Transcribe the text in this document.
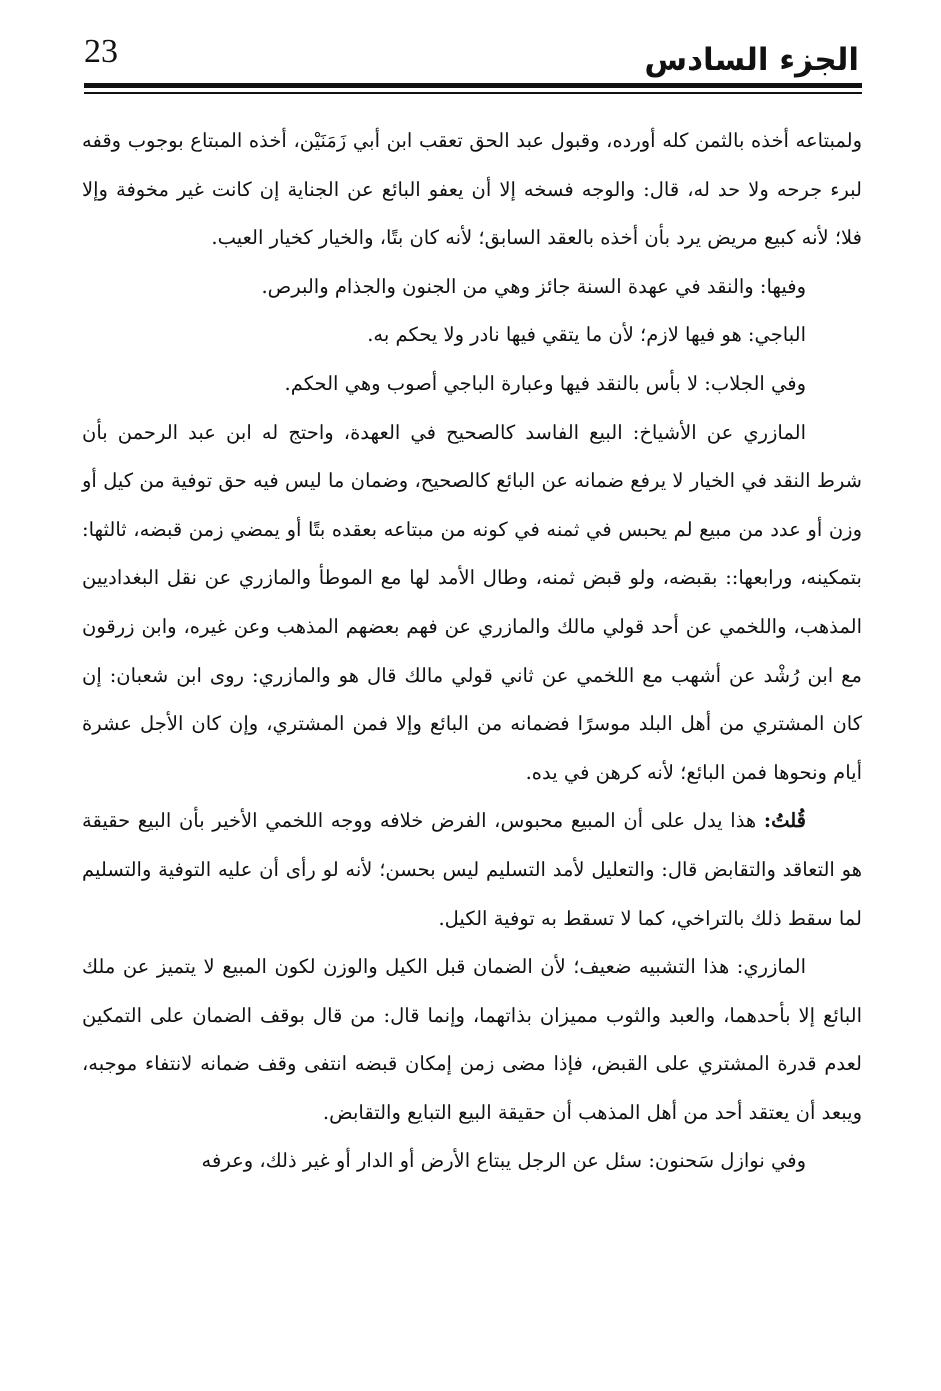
23	الجزء السادس

ولمبتاعه أخذه بالثمن كله أورده، وقبول عبد الحق تعقب ابن أبي زَمَنَيْن، أخذه المبتاع بوجوب وقفه لبرء جرحه ولا حد له، قال: والوجه فسخه إلا أن يعفو البائع عن الجناية إن كانت غير مخوفة وإلا فلا؛ لأنه كبيع مريض يرد بأن أخذه بالعقد السابق؛ لأنه كان بتًا، والخيار كخيار العيب.

وفيها: والنقد في عهدة السنة جائز وهي من الجنون والجذام والبرص.

الباجي: هو فيها لازم؛ لأن ما يتقي فيها نادر ولا يحكم به.

وفي الجلاب: لا بأس بالنقد فيها وعبارة الباجي أصوب وهي الحكم.

المازري عن الأشياخ: البيع الفاسد كالصحيح في العهدة، واحتج له ابن عبد الرحمن بأن شرط النقد في الخيار لا يرفع ضمانه عن البائع كالصحيح، وضمان ما ليس فيه حق توفية من كيل أو وزن أو عدد من مبيع لم يحبس في ثمنه في كونه من مبتاعه بعقده بتًا أو يمضي زمن قبضه، ثالثها: بتمكينه، ورابعها:: بقبضه، ولو قبض ثمنه، وطال الأمد لها مع الموطأ والمازري عن نقل البغداديين المذهب، واللخمي عن أحد قولي مالك والمازري عن فهم بعضهم المذهب وعن غيره، وابن زرقون مع ابن رُشْد عن أشهب مع اللخمي عن ثاني قولي مالك قال هو والمازري: روى ابن شعبان: إن كان المشتري من أهل البلد موسرًا فضمانه من البائع وإلا فمن المشتري، وإن كان الأجل عشرة أيام ونحوها فمن البائع؛ لأنه كرهن في يده.

قُلتُ: هذا يدل على أن المبيع محبوس، الفرض خلافه ووجه اللخمي الأخير بأن البيع حقيقة هو التعاقد والتقابض قال: والتعليل لأمد التسليم ليس بحسن؛ لأنه لو رأى أن عليه التوفية والتسليم لما سقط ذلك بالتراخي، كما لا تسقط به توفية الكيل.

المازري: هذا التشبيه ضعيف؛ لأن الضمان قبل الكيل والوزن لكون المبيع لا يتميز عن ملك البائع إلا بأحدهما، والعبد والثوب مميزان بذاتهما، وإنما قال: من قال بوقف الضمان على التمكين لعدم قدرة المشتري على القبض، فإذا مضى زمن إمكان قبضه انتفى وقف ضمانه لانتفاء موجبه، ويبعد أن يعتقد أحد من أهل المذهب أن حقيقة البيع التبايع والتقابض.

وفي نوازل سَحنون: سئل عن الرجل يبتاع الأرض أو الدار أو غير ذلك، وعرفه
